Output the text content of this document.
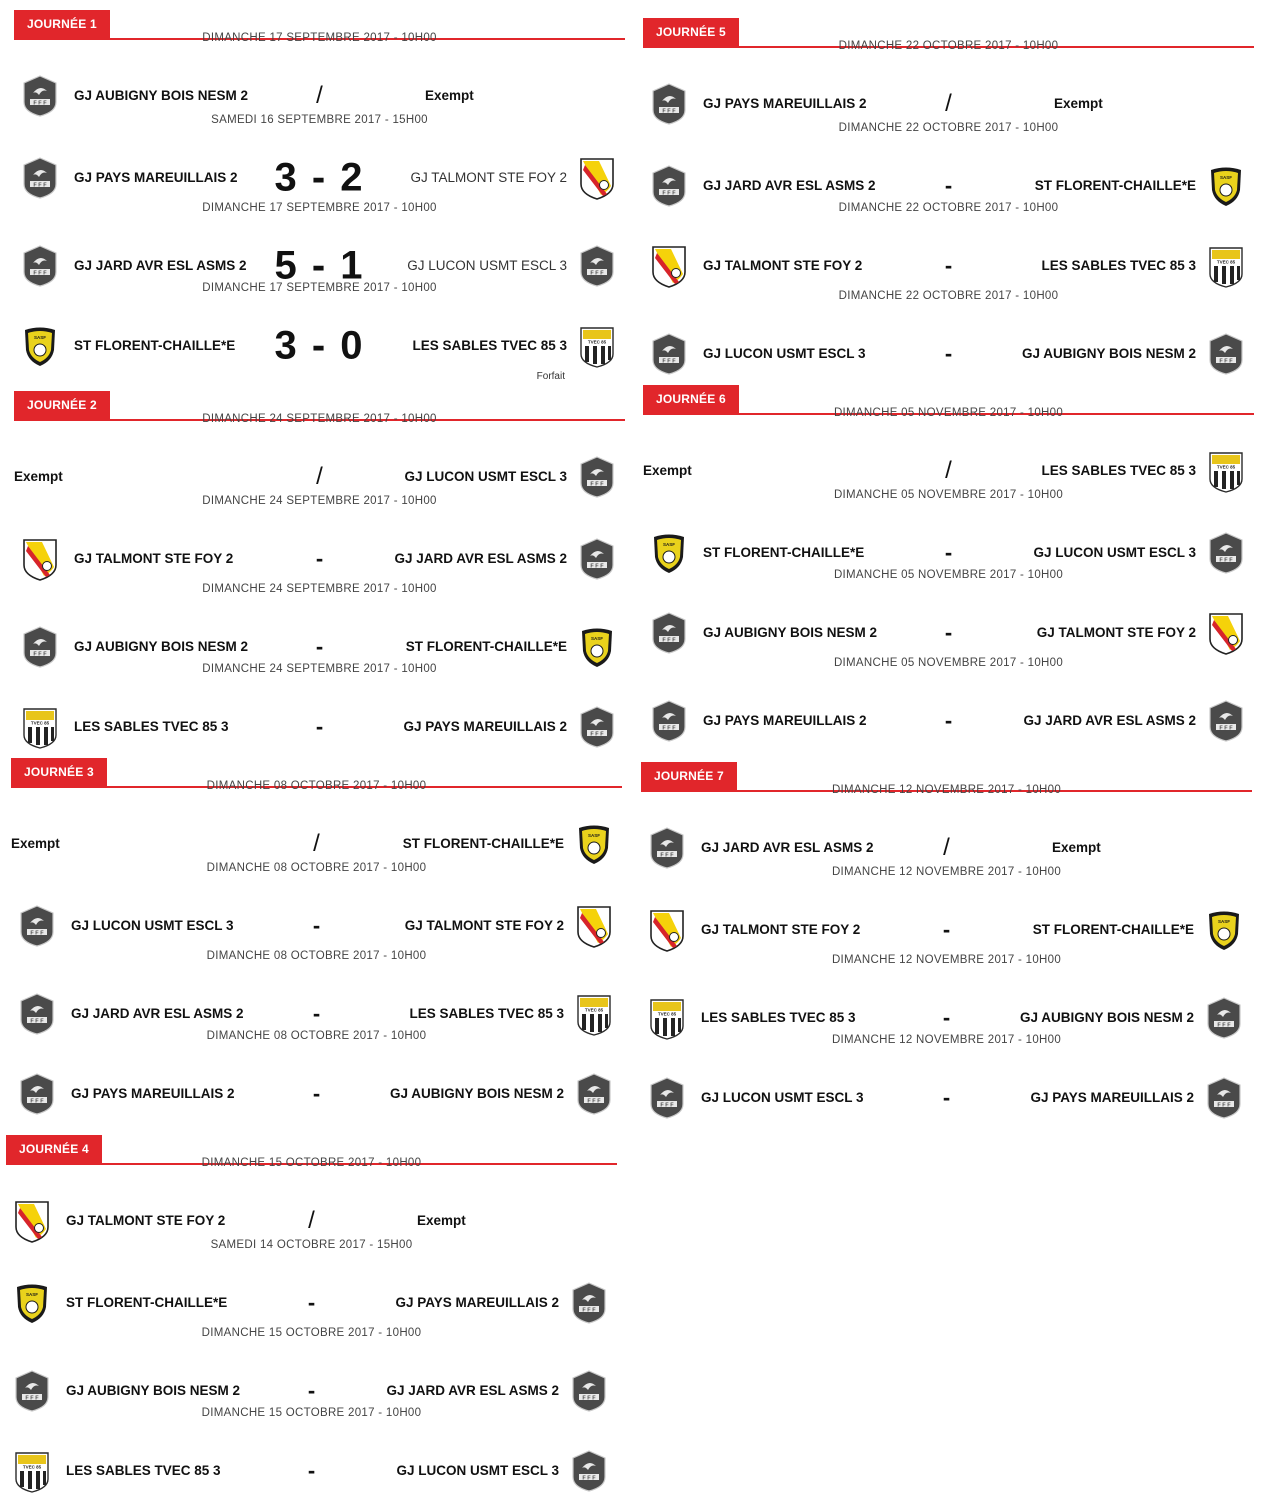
JOURNÉE 1
DIMANCHE 17 SEPTEMBRE 2017 - 10H00
F F F
GJ AUBIGNY BOIS NESM 2	/	Exempt
SAMEDI 16 SEPTEMBRE 2017 - 15H00
F F F
GJ PAYS MAREUILLAIS 2 3 - 2	GJ TALMONT STE FOY 2
DIMANCHE 17 SEPTEMBRE 2017 - 10H00
F F F
GJ JARD AVR ESL ASMS 2 5 - 1	GJ LUCON USMT ESCL 3
F F F
DIMANCHE 17 SEPTEMBRE 2017 - 10H00
SASF
ST FLORENT-CHAILLE*E 3 - 0	LES SABLES TVEC 85 3	TVEC 85
Forfait
JOURNÉE 2
DIMANCHE 24 SEPTEMBRE 2017 - 10H00
Exempt	/	GJ LUCON USMT ESCL 3
F F F
DIMANCHE 24 SEPTEMBRE 2017 - 10H00
GJ TALMONT STE FOY 2	-	GJ JARD AVR ESL ASMS 2
F F F
DIMANCHE 24 SEPTEMBRE 2017 - 10H00
F F F
GJ AUBIGNY BOIS NESM 2	-	ST FLORENT-CHAILLE*E
SASF
DIMANCHE 24 SEPTEMBRE 2017 - 10H00
TVEC 85 LES SABLES TVEC 85 3	-	GJ PAYS MAREUILLAIS 2
F F F
JOURNÉE 3
DIMANCHE 08 OCTOBRE 2017 - 10H00
Exempt	/	ST FLORENT-CHAILLE*E
SASF
DIMANCHE 08 OCTOBRE 2017 - 10H00
F F F
GJ LUCON USMT ESCL 3	-	GJ TALMONT STE FOY 2
DIMANCHE 08 OCTOBRE 2017 - 10H00
F F F
GJ JARD AVR ESL ASMS 2	-	LES SABLES TVEC 85 3	TVEC 85
DIMANCHE 08 OCTOBRE 2017 - 10H00
F F F
GJ PAYS MAREUILLAIS 2	-	GJ AUBIGNY BOIS NESM 2
F F F
JOURNÉE 4
DIMANCHE 15 OCTOBRE 2017 - 10H00
GJ TALMONT STE FOY 2	/	Exempt
SAMEDI 14 OCTOBRE 2017 - 15H00
SASF
ST FLORENT-CHAILLE*E	-	GJ PAYS MAREUILLAIS 2
F F F
DIMANCHE 15 OCTOBRE 2017 - 10H00
F F F
GJ AUBIGNY BOIS NESM 2	-	GJ JARD AVR ESL ASMS 2
F F F
DIMANCHE 15 OCTOBRE 2017 - 10H00
TVEC 85 LES SABLES TVEC 85 3	-	GJ LUCON USMT ESCL 3
F F F
JOURNÉE 5
DIMANCHE 22 OCTOBRE 2017 - 10H00
F F F
GJ PAYS MAREUILLAIS 2	/	Exempt
DIMANCHE 22 OCTOBRE 2017 - 10H00
F F F
GJ JARD AVR ESL ASMS 2	-	ST FLORENT-CHAILLE*E
SASF
DIMANCHE 22 OCTOBRE 2017 - 10H00
GJ TALMONT STE FOY 2	-	LES SABLES TVEC 85 3	TVEC 85
DIMANCHE 22 OCTOBRE 2017 - 10H00
F F F
GJ LUCON USMT ESCL 3	-	GJ AUBIGNY BOIS NESM 2
F F F
JOURNÉE 6
DIMANCHE 05 NOVEMBRE 2017 - 10H00
Exempt	/	LES SABLES TVEC 85 3	TVEC 85
DIMANCHE 05 NOVEMBRE 2017 - 10H00
SASF
ST FLORENT-CHAILLE*E	-	GJ LUCON USMT ESCL 3
F F F
DIMANCHE 05 NOVEMBRE 2017 - 10H00
F F F
GJ AUBIGNY BOIS NESM 2	-	GJ TALMONT STE FOY 2
DIMANCHE 05 NOVEMBRE 2017 - 10H00
F F F
GJ PAYS MAREUILLAIS 2	-	GJ JARD AVR ESL ASMS 2
F F F
JOURNÉE 7
DIMANCHE 12 NOVEMBRE 2017 - 10H00
F F F
GJ JARD AVR ESL ASMS 2	/	Exempt
DIMANCHE 12 NOVEMBRE 2017 - 10H00
GJ TALMONT STE FOY 2	-	ST FLORENT-CHAILLE*E
SASF
DIMANCHE 12 NOVEMBRE 2017 - 10H00
TVEC 85 LES SABLES TVEC 85 3	-	GJ AUBIGNY BOIS NESM 2
F F F
DIMANCHE 12 NOVEMBRE 2017 - 10H00
F F F
GJ LUCON USMT ESCL 3	-	GJ PAYS MAREUILLAIS 2
F F F
